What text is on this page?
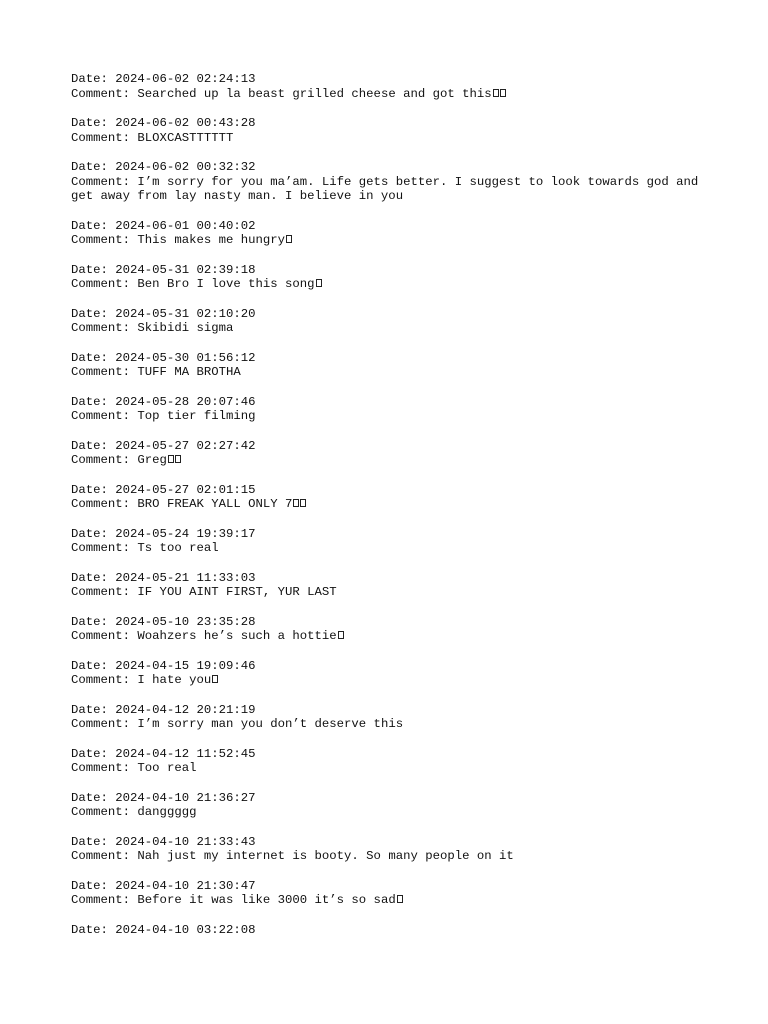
Date: 2024-06-02 02:24:13
Comment: Searched up la beast grilled cheese and got this
Date: 2024-06-02 00:43:28
Comment: BLOXCASTTTTTT
Date: 2024-06-02 00:32:32
Comment: I’m sorry for you ma’am. Life gets better. I suggest to look towards god and get away from lay nasty man. I believe in you
Date: 2024-06-01 00:40:02
Comment: This makes me hungry
Date: 2024-05-31 02:39:18
Comment: Ben Bro I love this song
Date: 2024-05-31 02:10:20
Comment: Skibidi sigma
Date: 2024-05-30 01:56:12
Comment: TUFF MA BROTHA
Date: 2024-05-28 20:07:46
Comment: Top tier filming
Date: 2024-05-27 02:27:42
Comment: Greg
Date: 2024-05-27 02:01:15
Comment: BRO FREAK YALL ONLY 7
Date: 2024-05-24 19:39:17
Comment: Ts too real
Date: 2024-05-21 11:33:03
Comment: IF YOU AINT FIRST, YUR LAST
Date: 2024-05-10 23:35:28
Comment: Woahzers he’s such a hottie
Date: 2024-04-15 19:09:46
Comment: I hate you
Date: 2024-04-12 20:21:19
Comment: I’m sorry man you don’t deserve this
Date: 2024-04-12 11:52:45
Comment: Too real
Date: 2024-04-10 21:36:27
Comment: danggggg
Date: 2024-04-10 21:33:43
Comment: Nah just my internet is booty. So many people on it
Date: 2024-04-10 21:30:47
Comment: Before it was like 3000 it’s so sad
Date: 2024-04-10 03:22:08
